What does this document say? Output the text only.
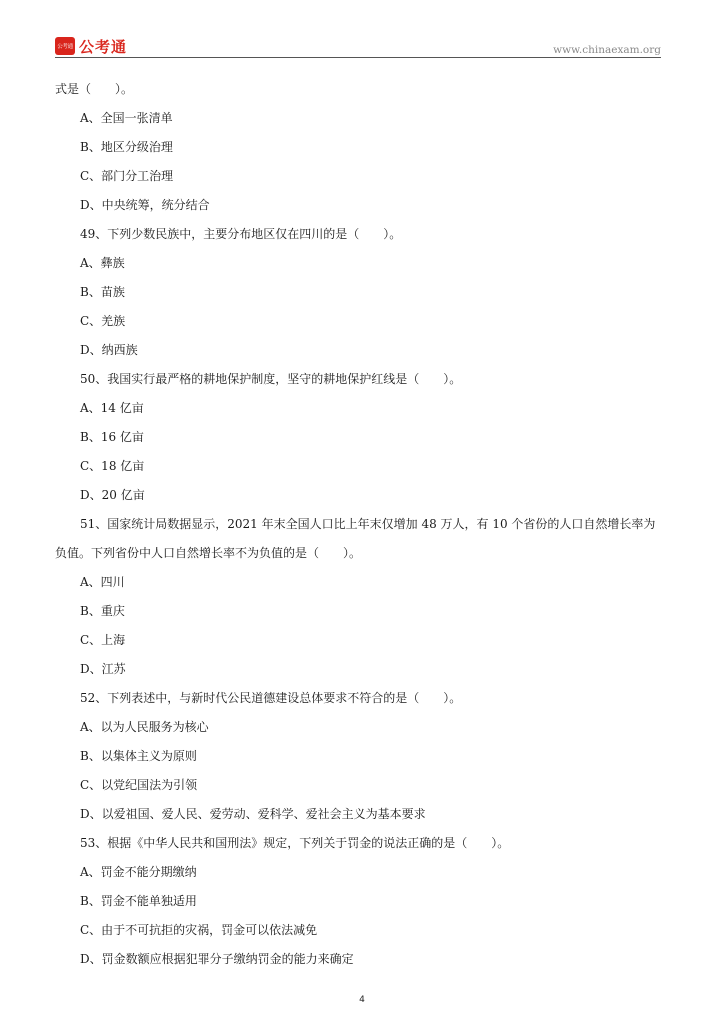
公考通 公考通	www.chinaexam.org
式是（　　）。
A、全国一张清单
B、地区分级治理
C、部门分工治理
D、中央统筹，统分结合
49、下列少数民族中，主要分布地区仅在四川的是（　　）。
A、彝族
B、苗族
C、羌族
D、纳西族
50、我国实行最严格的耕地保护制度，坚守的耕地保护红线是（　　）。
A、14 亿亩
B、16 亿亩
C、18 亿亩
D、20 亿亩
51、国家统计局数据显示，2021 年末全国人口比上年末仅增加 48 万人，有 10 个省份的人口自然增长率为
负值。下列省份中人口自然增长率不为负值的是（　　）。
A、四川
B、重庆
C、上海
D、江苏
52、下列表述中，与新时代公民道德建设总体要求不符合的是（　　）。
A、以为人民服务为核心
B、以集体主义为原则
C、以党纪国法为引领
D、以爱祖国、爱人民、爱劳动、爱科学、爱社会主义为基本要求
53、根据《中华人民共和国刑法》规定，下列关于罚金的说法正确的是（　　）。
A、罚金不能分期缴纳
B、罚金不能单独适用
C、由于不可抗拒的灾祸，罚金可以依法减免
D、罚金数额应根据犯罪分子缴纳罚金的能力来确定
4
